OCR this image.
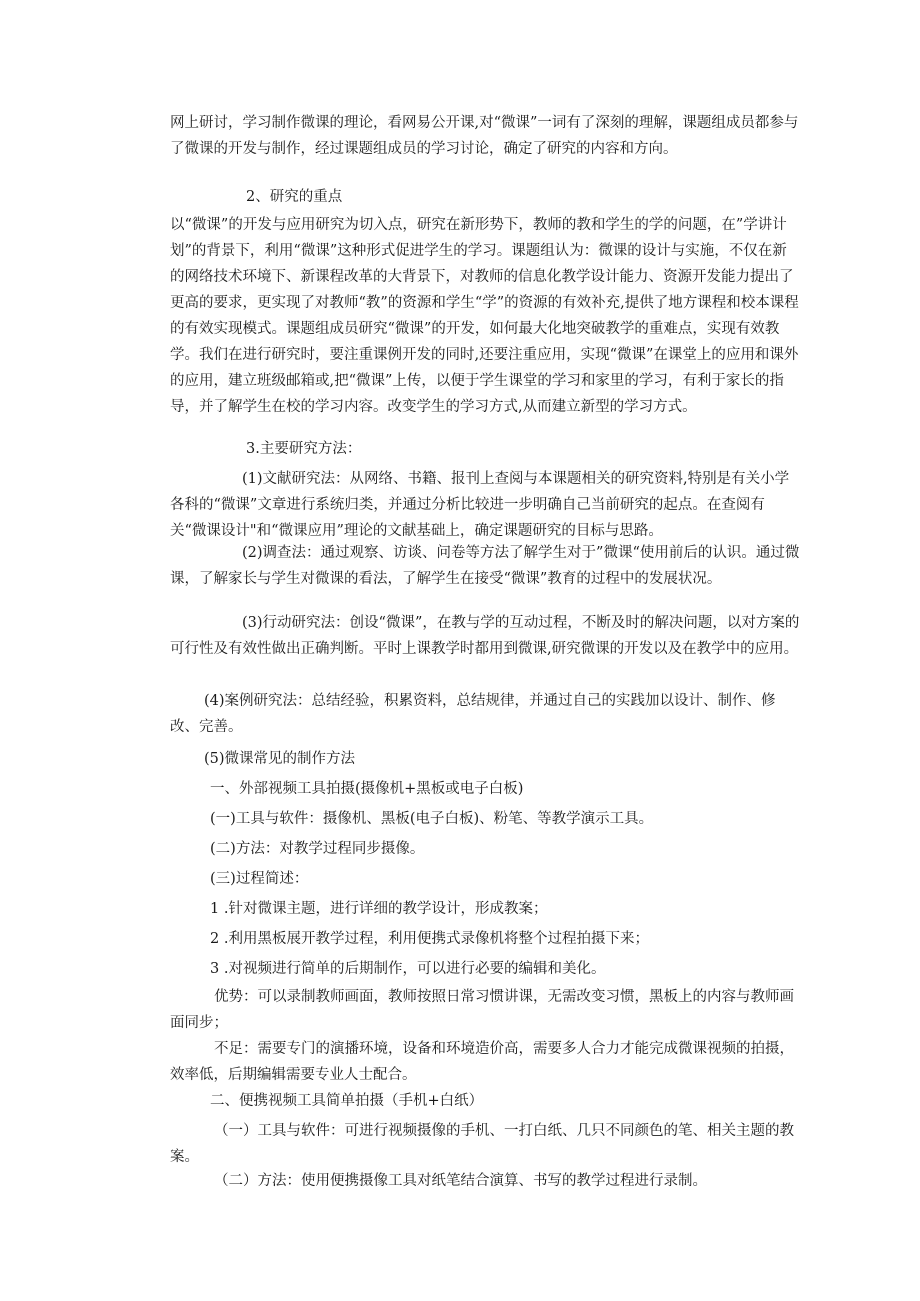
网上研讨，学习制作微课的理论，看网易公开课,对“微课”一词有了深刻的理解，课题组成员都参与了微课的开发与制作，经过课题组成员的学习讨论，确定了研究的内容和方向。

2、研究的重点

以“微课”的开发与应用研究为切入点，研究在新形势下，教师的教和学生的学的问题，在”学讲计划”的背景下，利用“微课”这种形式促进学生的学习。课题组认为：微课的设计与实施，不仅在新的网络技术环境下、新课程改革的大背景下，对教师的信息化教学设计能力、资源开发能力提出了更高的要求，更实现了对教师“教”的资源和学生“学”的资源的有效补充,提供了地方课程和校本课程的有效实现模式。课题组成员研究“微课”的开发，如何最大化地突破教学的重难点，实现有效教学。我们在进行研究时，要注重课例开发的同时,还要注重应用，实现“微课”在课堂上的应用和课外的应用，建立班级邮箱或,把“微课”上传，以便于学生课堂的学习和家里的学习，有利于家长的指导，并了解学生在校的学习内容。改变学生的学习方式,从而建立新型的学习方式。

3.主要研究方法：

(1)文献研究法：从网络、书籍、报刊上查阅与本课题相关的研究资料,特别是有关小学各科的“微课”文章进行系统归类，并通过分析比较进一步明确自己当前研究的起点。在查阅有关“微课设计"和“微课应用”理论的文献基础上，确定课题研究的目标与思路。

(2)调查法：通过观察、访谈、问卷等方法了解学生对于”微课“使用前后的认识。通过微课，了解家长与学生对微课的看法，了解学生在接受“微课”教育的过程中的发展状况。

(3)行动研究法：创设“微课”，在教与学的互动过程，不断及时的解决问题，以对方案的可行性及有效性做出正确判断。平时上课教学时都用到微课,研究微课的开发以及在教学中的应用。

(4)案例研究法：总结经验，积累资料，总结规律，并通过自己的实践加以设计、制作、修改、完善。

(5)微课常见的制作方法

一、外部视频工具拍摄(摄像机+黑板或电子白板)

(一)工具与软件：摄像机、黑板(电子白板)、粉笔、等教学演示工具。

(二)方法：对教学过程同步摄像。

(三)过程简述：

1 .针对微课主题，进行详细的教学设计，形成教案；

2 .利用黑板展开教学过程，利用便携式录像机将整个过程拍摄下来；

3 .对视频进行简单的后期制作，可以进行必要的编辑和美化。

优势：可以录制教师画面，教师按照日常习惯讲课，无需改变习惯，黑板上的内容与教师画面同步；

不足：需要专门的演播环境，设备和环境造价高，需要多人合力才能完成微课视频的拍摄，效率低，后期编辑需要专业人士配合。

二、便携视频工具简单拍摄（手机+白纸）

（一）工具与软件：可进行视频摄像的手机、一打白纸、几只不同颜色的笔、相关主题的教案。

（二）方法：使用便携摄像工具对纸笔结合演算、书写的教学过程进行录制。
